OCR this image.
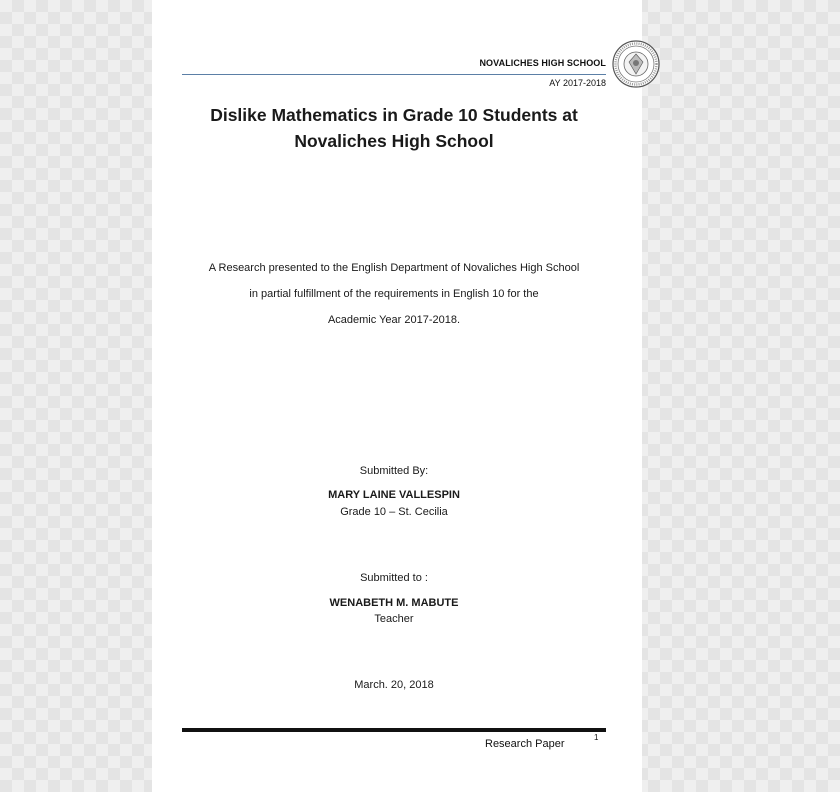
NOVALICHES HIGH SCHOOL
AY 2017-2018
Dislike Mathematics in Grade 10 Students at
Novaliches High School
A Research presented to the English Department of Novaliches High School
in partial fulfillment of the requirements in English 10 for the
Academic Year 2017-2018.
Submitted By:
MARY LAINE VALLESPIN
Grade 10 – St. Cecilia
Submitted to :
WENABETH M. MABUTE
Teacher
March. 20, 2018
Research Paper
1
